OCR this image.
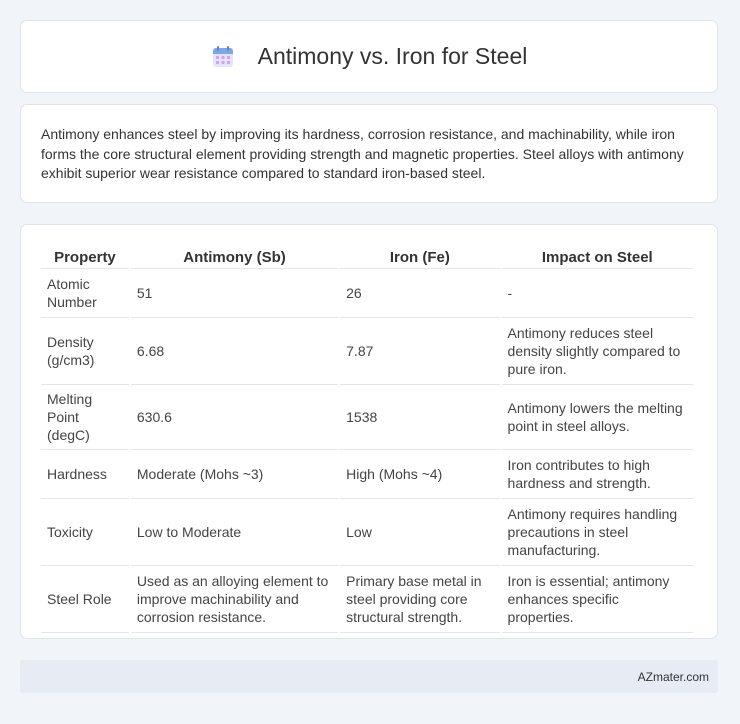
Antimony vs. Iron for Steel

Antimony enhances steel by improving its hardness, corrosion resistance, and machinability, while iron forms the core structural element providing strength and magnetic properties. Steel alloys with antimony exhibit superior wear resistance compared to standard iron-based steel.

Property	Antimony (Sb)	Iron (Fe)	Impact on Steel
Atomic Number	51	26	-
Density (g/cm3)	6.68	7.87	Antimony reduces steel density slightly compared to pure iron.
Melting Point (degC)	630.6	1538	Antimony lowers the melting point in steel alloys.
Hardness	Moderate (Mohs ~3)	High (Mohs ~4)	Iron contributes to high hardness and strength.
Toxicity	Low to Moderate	Low	Antimony requires handling precautions in steel manufacturing.
Steel Role	Used as an alloying element to improve machinability and corrosion resistance.	Primary base metal in steel providing core structural strength.	Iron is essential; antimony enhances specific properties.
AZmater.com
